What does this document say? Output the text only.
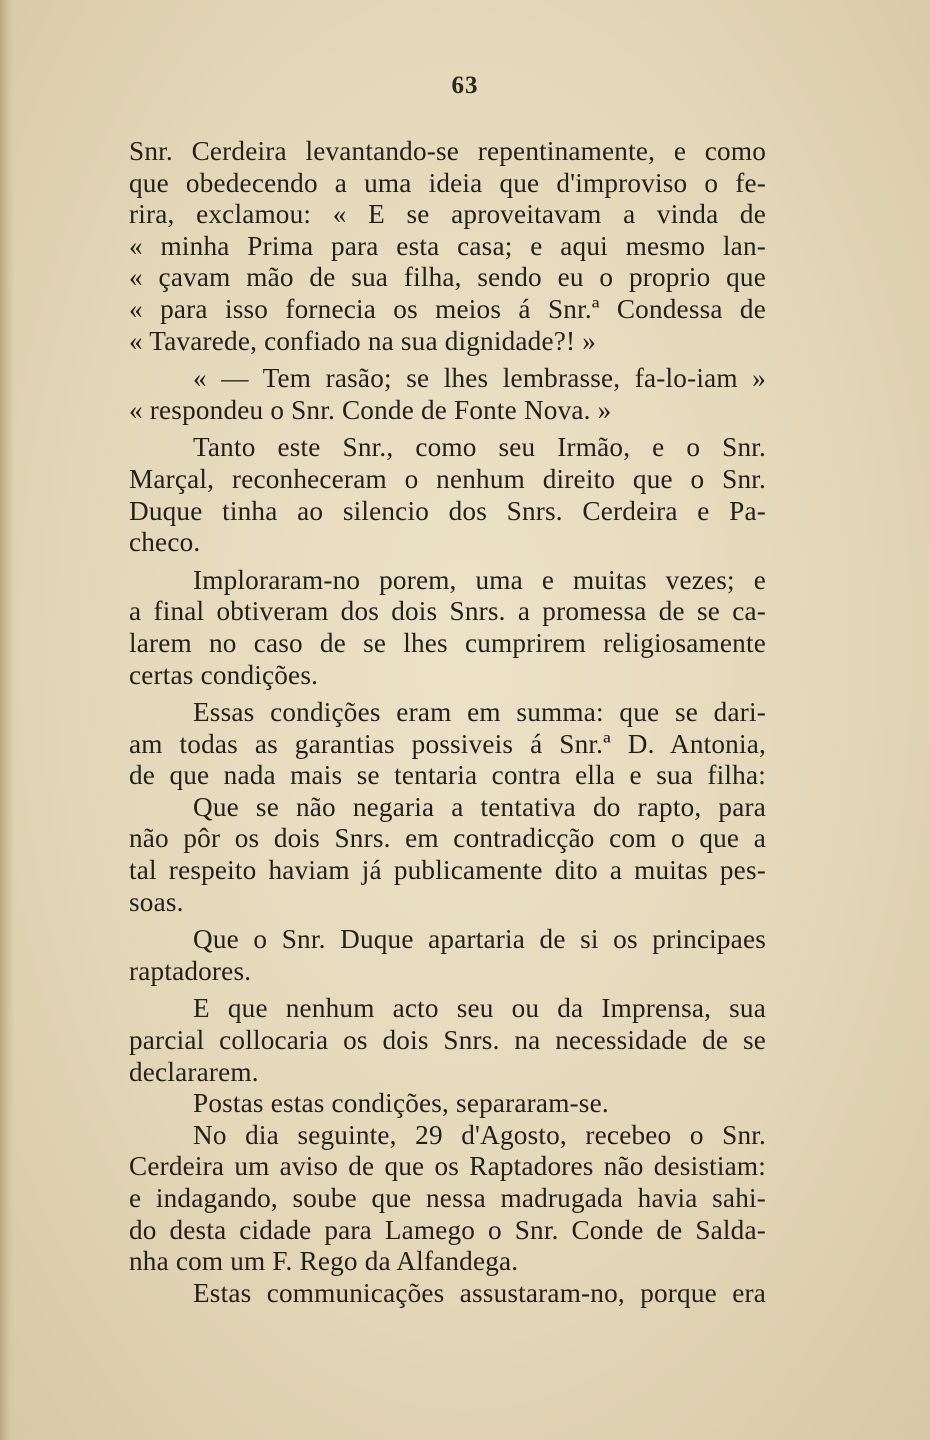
63
Snr. Cerdeira levantando-se repentinamente, e como
que obedecendo a uma ideia que d'improviso o fe-
rira, exclamou: « E se aproveitavam a vinda de
« minha Prima para esta casa; e aqui mesmo lan-
« çavam mão de sua filha, sendo eu o proprio que
« para isso fornecia os meios á Snr.ª Condessa de
« Tavarede, confiado na sua dignidade?! »
« — Tem rasão; se lhes lembrasse, fa-lo-iam »
« respondeu o Snr. Conde de Fonte Nova. »
Tanto este Snr., como seu Irmão, e o Snr.
Marçal, reconheceram o nenhum direito que o Snr.
Duque tinha ao silencio dos Snrs. Cerdeira e Pa-
checo.
Imploraram-no porem, uma e muitas vezes; e
a final obtiveram dos dois Snrs. a promessa de se ca-
larem no caso de se lhes cumprirem religiosamente
certas condições.
Essas condições eram em summa: que se dari-
am todas as garantias possiveis á Snr.ª D. Antonia,
de que nada mais se tentaria contra ella e sua filha:
Que se não negaria a tentativa do rapto, para
não pôr os dois Snrs. em contradicção com o que a
tal respeito haviam já publicamente dito a muitas pes-
soas.
Que o Snr. Duque apartaria de si os principaes
raptadores.
E que nenhum acto seu ou da Imprensa, sua
parcial collocaria os dois Snrs. na necessidade de se
declararem.
Postas estas condições, separaram-se.
No dia seguinte, 29 d'Agosto, recebeo o Snr.
Cerdeira um aviso de que os Raptadores não desistiam:
e indagando, soube que nessa madrugada havia sahi-
do desta cidade para Lamego o Snr. Conde de Salda-
nha com um F. Rego da Alfandega.
Estas communicações assustaram-no, porque era
